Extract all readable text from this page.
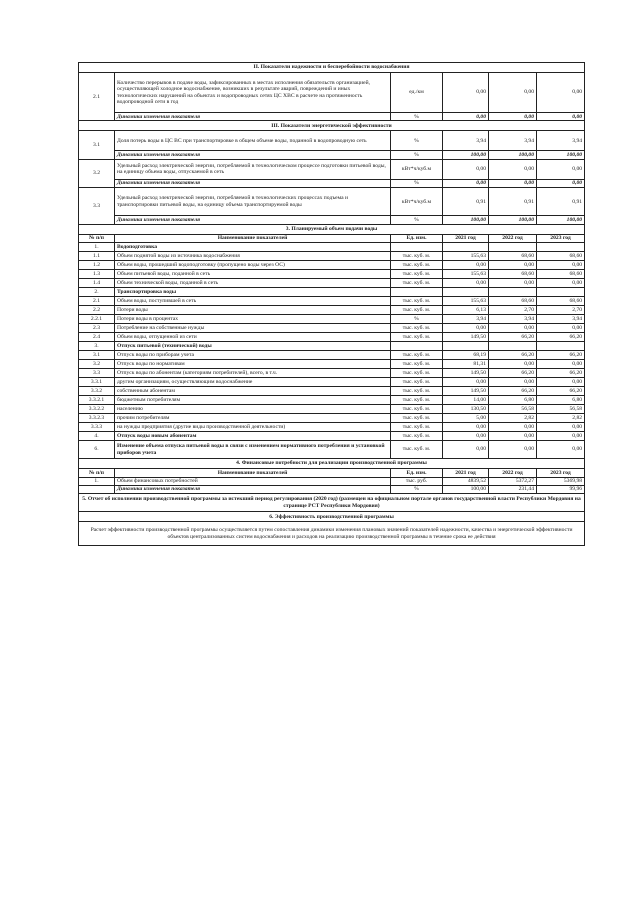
II. Показатели надежности и бесперебойности водоснабжения					
2.1	Количество перерывов в подаче воды, зафиксированных в местах исполнения обязательств организацией, осуществляющей холодное водоснабжение, возникших в результате аварий, повреждений и иных технологических нарушений на объектах и водопроводных сетях ЦС ХВС в расчете на протяженность водопроводной сети в год	ед./км	0,00	0,00	0,00
	Динамика изменения показателя	%	0,00	0,00	0,00
III. Показатели энергетической эффективности					
3.1	Доля потерь воды в ЦС ВС при транспортировке в общем объеме воды, поданной в водопроводную сеть	%	3,94	3,94	3,94
	Динамика изменения показателя	%	100,00	100,00	100,00
3.2	Удельный расход электрической энергии, потребляемой в технологическом процессе подготовки питьевой воды, на единицу объема воды, отпускаемой в сеть	кВт*ч/куб.м	0,00	0,00	0,00
	Динамика изменения показателя	%	0,00	0,00	0,00
3.3	Удельный расход электрической энергии, потребляемой в технологических процессах подъема и транспортировки питьевой воды, на единицу объема транспортируемой воды	кВт*ч/куб.м	0,91	0,91	0,91
	Динамика изменения показателя	%	100,00	100,00	100,00
3. Планируемый объем подачи воды					
№ п/п	Наименование показателей	Ед. изм.	2021 год	2022 год	2023 год
1.	Водоподготовка				
1.1	Объем поднятой воды из источника водоснабжения	тыс. куб. м.	155,63	68,60	68,60
1.2	Объем воды, прошедший водоподготовку (пропущено воды через ОС)	тыс. куб. м.	0,00	0,00	0,00
1.3	Объем питьевой воды, поданной в сеть	тыс. куб. м.	155,63	68,60	68,60
1.4	Объем технической воды, поданной в сеть	тыс. куб. м.	0,00	0,00	0,00
2.	Транспортировка воды				
2.1	Объем воды, поступившей в сеть	тыс. куб. м.	155,63	68,60	68,60
2.2	Потери воды	тыс. куб. м.	6,13	2,70	2,70
2.2.1	Потери воды в процентах	%	3,94	3,94	3,94
2.3	Потребление на собственные нужды	тыс. куб. м.	0,00	0,00	0,00
2.4	Объем воды, отпущенной из сети	тыс. куб. м.	149,50	66,20	66,20
3.	Отпуск питьевой (технической) воды				
3.1	Отпуск воды по приборам учета	тыс. куб. м.	68,19	66,20	66,20
3.2	Отпуск воды по нормативам	тыс. куб. м.	81,31	0,00	0,00
3.3	Отпуск воды по абонентам (категориям потребителей), всего, в т.ч.	тыс. куб. м.	149,50	66,20	66,20
3.3.1	другим организациям, осуществляющим водоснабжение	тыс. куб. м.	0,00	0,00	0,00
3.3.2	собственным абонентам	тыс. куб. м.	149,50	66,20	66,20
3.3.2.1	бюджетным потребителям	тыс. куб. м.	14,00	6,80	6,80
3.3.2.2	населению	тыс. куб. м.	130,50	56,58	56,58
3.3.2.3	прочим потребителям	тыс. куб. м.	5,00	2,82	2,82
3.3.3	на нужды предприятия (другие виды производственной деятельности)	тыс. куб. м.	0,00	0,00	0,00
4.	Отпуск воды новым абонентам	тыс. куб. м.	0,00	0,00	0,00
6.	Изменение объема отпуска питьевой воды в связи с изменением нормативного потребления и установкой приборов учета	тыс. куб. м.	0,00	0,00	0,00
4. Финансовые потребности для реализации производственной программы					
№ п/п	Наименование показателей	Ед. изм.	2021 год	2022 год	2023 год
1.	Объем финансовых потребностей	тыс. руб.	4839,52	5372,27	5369,98
	Динамика изменения показателя	%	100,00	231,44	99,96
5. Отчет об исполнении производственной программы за истекший период регулирования (2020 год) (размещен на официальном портале органов государственной власти Республики Мордовия на странице РСТ Республики Мордовия)					
6. Эффективность производственной программы					
Расчет эффективности производственной программы осуществляется путем сопоставления динамики изменения плановых значений показателей надежности, качества и энергетической эффективности объектов централизованных систем водоснабжения и расходов на реализацию производственной программы в течение срока ее действия					
